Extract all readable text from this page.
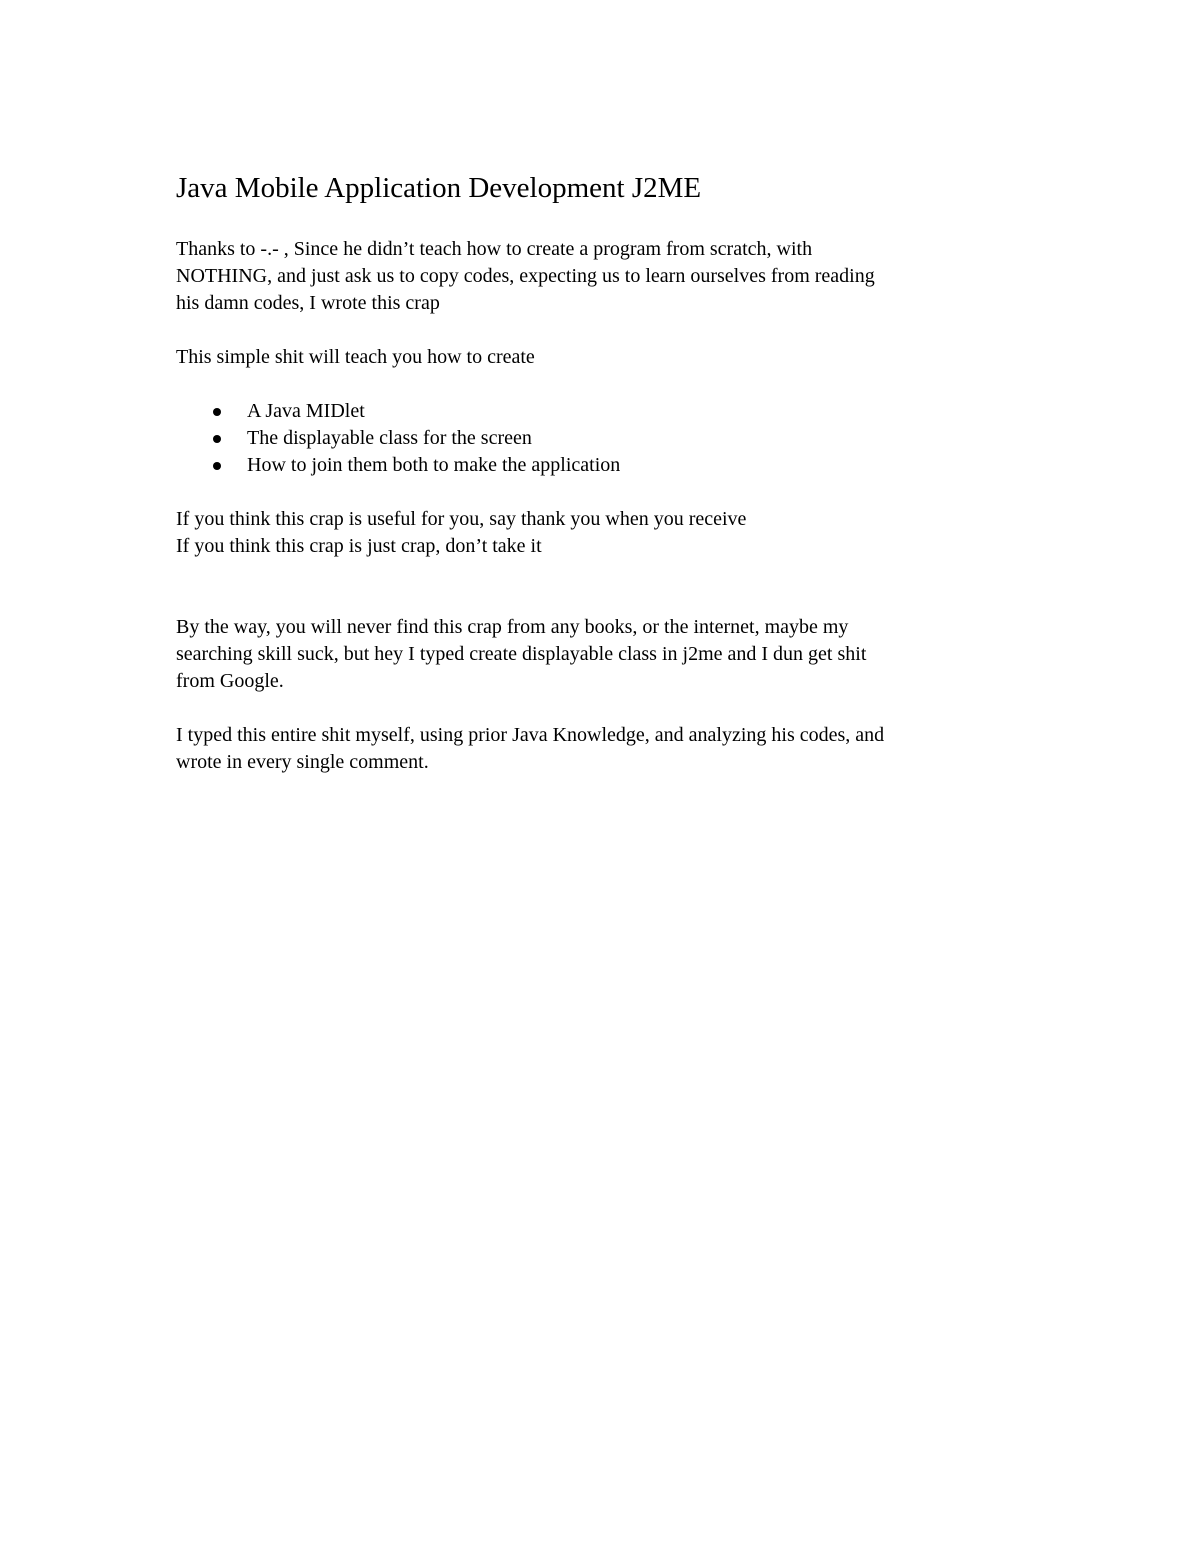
Java Mobile Application Development J2ME

Thanks to -.- , Since he didn’t teach how to create a program from scratch, with
NOTHING, and just ask us to copy codes, expecting us to learn ourselves from reading
his damn codes, I wrote this crap

This simple shit will teach you how to create

A Java MIDlet
The displayable class for the screen
How to join them both to make the application

If you think this crap is useful for you, say thank you when you receive
If you think this crap is just crap, don’t take it

By the way, you will never find this crap from any books, or the internet, maybe my
searching skill suck, but hey I typed create displayable class in j2me and I dun get shit
from Google.

I typed this entire shit myself, using prior Java Knowledge, and analyzing his codes, and
wrote in every single comment.
